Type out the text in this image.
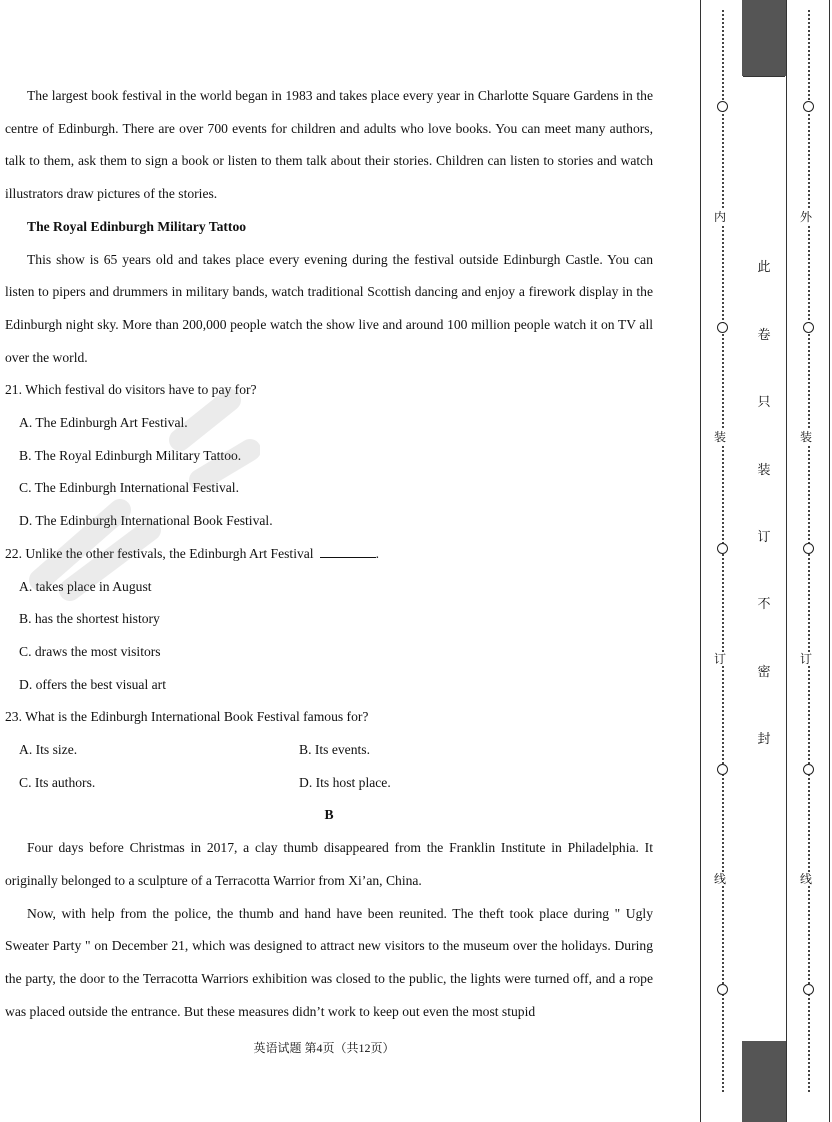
The largest book festival in the world began in 1983 and takes place every year in Charlotte Square Gardens in the centre of Edinburgh. There are over 700 events for children and adults who love books. You can meet many authors, talk to them, ask them to sign a book or listen to them talk about their stories. Children can listen to stories and watch illustrators draw pictures of the stories.

The Royal Edinburgh Military Tattoo

This show is 65 years old and takes place every evening during the festival outside Edinburgh Castle. You can listen to pipers and drummers in military bands, watch traditional Scottish dancing and enjoy a firework display in the Edinburgh night sky. More than 200,000 people watch the show live and around 100 million people watch it on TV all over the world.

21. Which festival do visitors have to pay for?

A. The Edinburgh Art Festival.

B. The Royal Edinburgh Military Tattoo.

C. The Edinburgh International Festival.

D. The Edinburgh International Book Festival.

22. Unlike the other festivals, the Edinburgh Art Festival	.

A. takes place in August

B. has the shortest history

C. draws the most visitors

D. offers the best visual art

23. What is the Edinburgh International Book Festival famous for?

A. Its size.	B. Its events.

C. Its authors.	D. Its host place.

B

Four days before Christmas in 2017, a clay thumb disappeared from the Franklin Institute in Philadelphia. It originally belonged to a sculpture of a Terracotta Warrior from Xi’an, China.

Now, with help from the police, the thumb and hand have been reunited. The theft took place during " Ugly Sweater Party " on December 21, which was designed to attract new visitors to the museum over the holidays. During the party, the door to the Terracotta Warriors exhibition was closed to the public, the lights were turned off, and a rope was placed outside the entrance. But these measures didn’t work to keep out even the most stupid

英语试题 第4页（共12页）
内
装
订
线
此
卷
只
装
订
不
密
封
外
装
订
线
